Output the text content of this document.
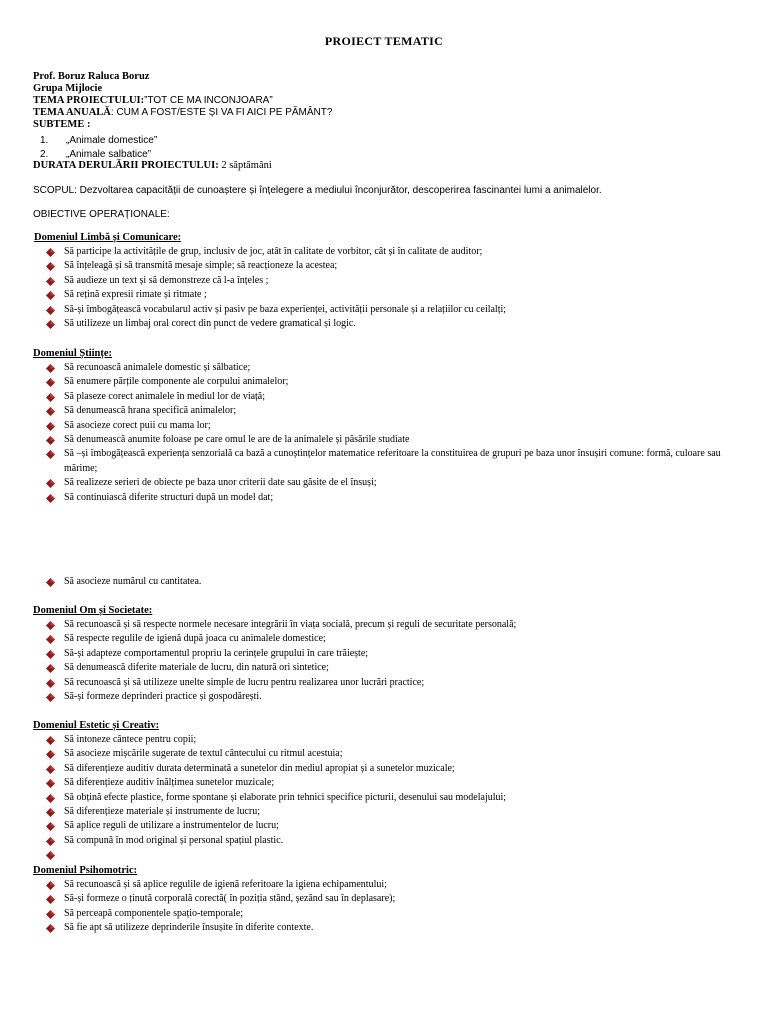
PROIECT TEMATIC
Prof. Boruz Raluca Boruz
Grupa Mijlocie
TEMA PROIECTULUI:”TOT CE MA INCONJOARA”
TEMA ANUALĂ: CUM A FOST/ESTE ȘI VA FI AICI PE PĂMÂNT?
SUBTEME :
1. „Animale domestice”
2. „Animale salbatice”
DURATA DERULĂRII PROIECTULUI: 2 săptămâni
SCOPUL: Dezvoltarea capacității de cunoaștere și înțelegere a mediului înconjurător, descoperirea fascinantei lumi a animalelor.
OBIECTIVE OPERAȚIONALE:
Domeniul Limbă și Comunicare:
Să participe la activitățile de grup, inclusiv de joc, atât în calitate de vorbitor, cât și în calitate de auditor;
Să înțeleagă și să transmită mesaje simple; să reacționeze la acestea;
Să audieze un text și să demonstreze că l-a înțeles ;
Să rețină expresii rimate și ritmate ;
Să-și îmbogățească vocabularul activ și pasiv pe baza experienței, activității personale și a relațiilor cu ceilalți;
Să utilizeze un limbaj oral corect din punct de vedere gramatical și logic.
Domeniul Științe:
Să recunoască animalele domestic și sălbatice;
Să enumere părțile componente ale corpului animalelor;
Să plaseze corect animalele în mediul lor de viață;
Să denumească hrana specifică animalelor;
Să asocieze corect puii cu mama lor;
Să denumească anumite foloase pe care omul le are de la animalele și păsările studiate
Să –și îmbogățească experiența senzorială ca bază a cunoștințelor matematice referitoare la constituirea de grupuri pe baza unor însușiri comune: formă, culoare sau mărime;
Să realizeze serieri de obiecte pe baza unor criterii date sau găsite de el însuși;
Să continuiască diferite structuri după un model dat;
Să asocieze numărul cu cantitatea.
Domeniul Om și Societate:
Să recunoască și să respecte normele necesare integrării în viața socială, precum și reguli de securitate personală;
Să respecte regulile de igienă după joaca cu animalele domestice;
Să-și adapteze comportamentul propriu la cerințele grupului în care trăiește;
Să denumească diferite materiale de lucru, din natură ori sintetice;
Să recunoască și să utilizeze unelte simple de lucru pentru realizarea unor lucrări practice;
Să-și formeze deprinderi practice și gospodărești.
Domeniul Estetic și Creativ:
Să intoneze cântece pentru copii;
Să asocieze mișcările sugerate de textul cântecului cu ritmul acestuia;
Să diferențieze auditiv durata determinată a sunetelor din mediul apropiat și a sunetelor muzicale;
Să diferențieze auditiv înălțimea sunetelor muzicale;
Să obțină efecte plastice, forme spontane și elaborate prin tehnici specifice picturii, desenului sau modelajului;
Să diferențieze materiale și instrumente de lucru;
Să aplice reguli de utilizare a instrumentelor de lucru;
Să compună în mod original și personal spațiul plastic.
Domeniul Psihomotric:
Să recunoască și să aplice regulile de igienă referitoare la igiena echipamentului;
Să-și formeze o ținută corporală corectă( în poziția stând, șezând sau în deplasare);
Să perceapă componentele spațio-temporale;
Să fie apt să utilizeze deprinderile însușite în diferite contexte.
